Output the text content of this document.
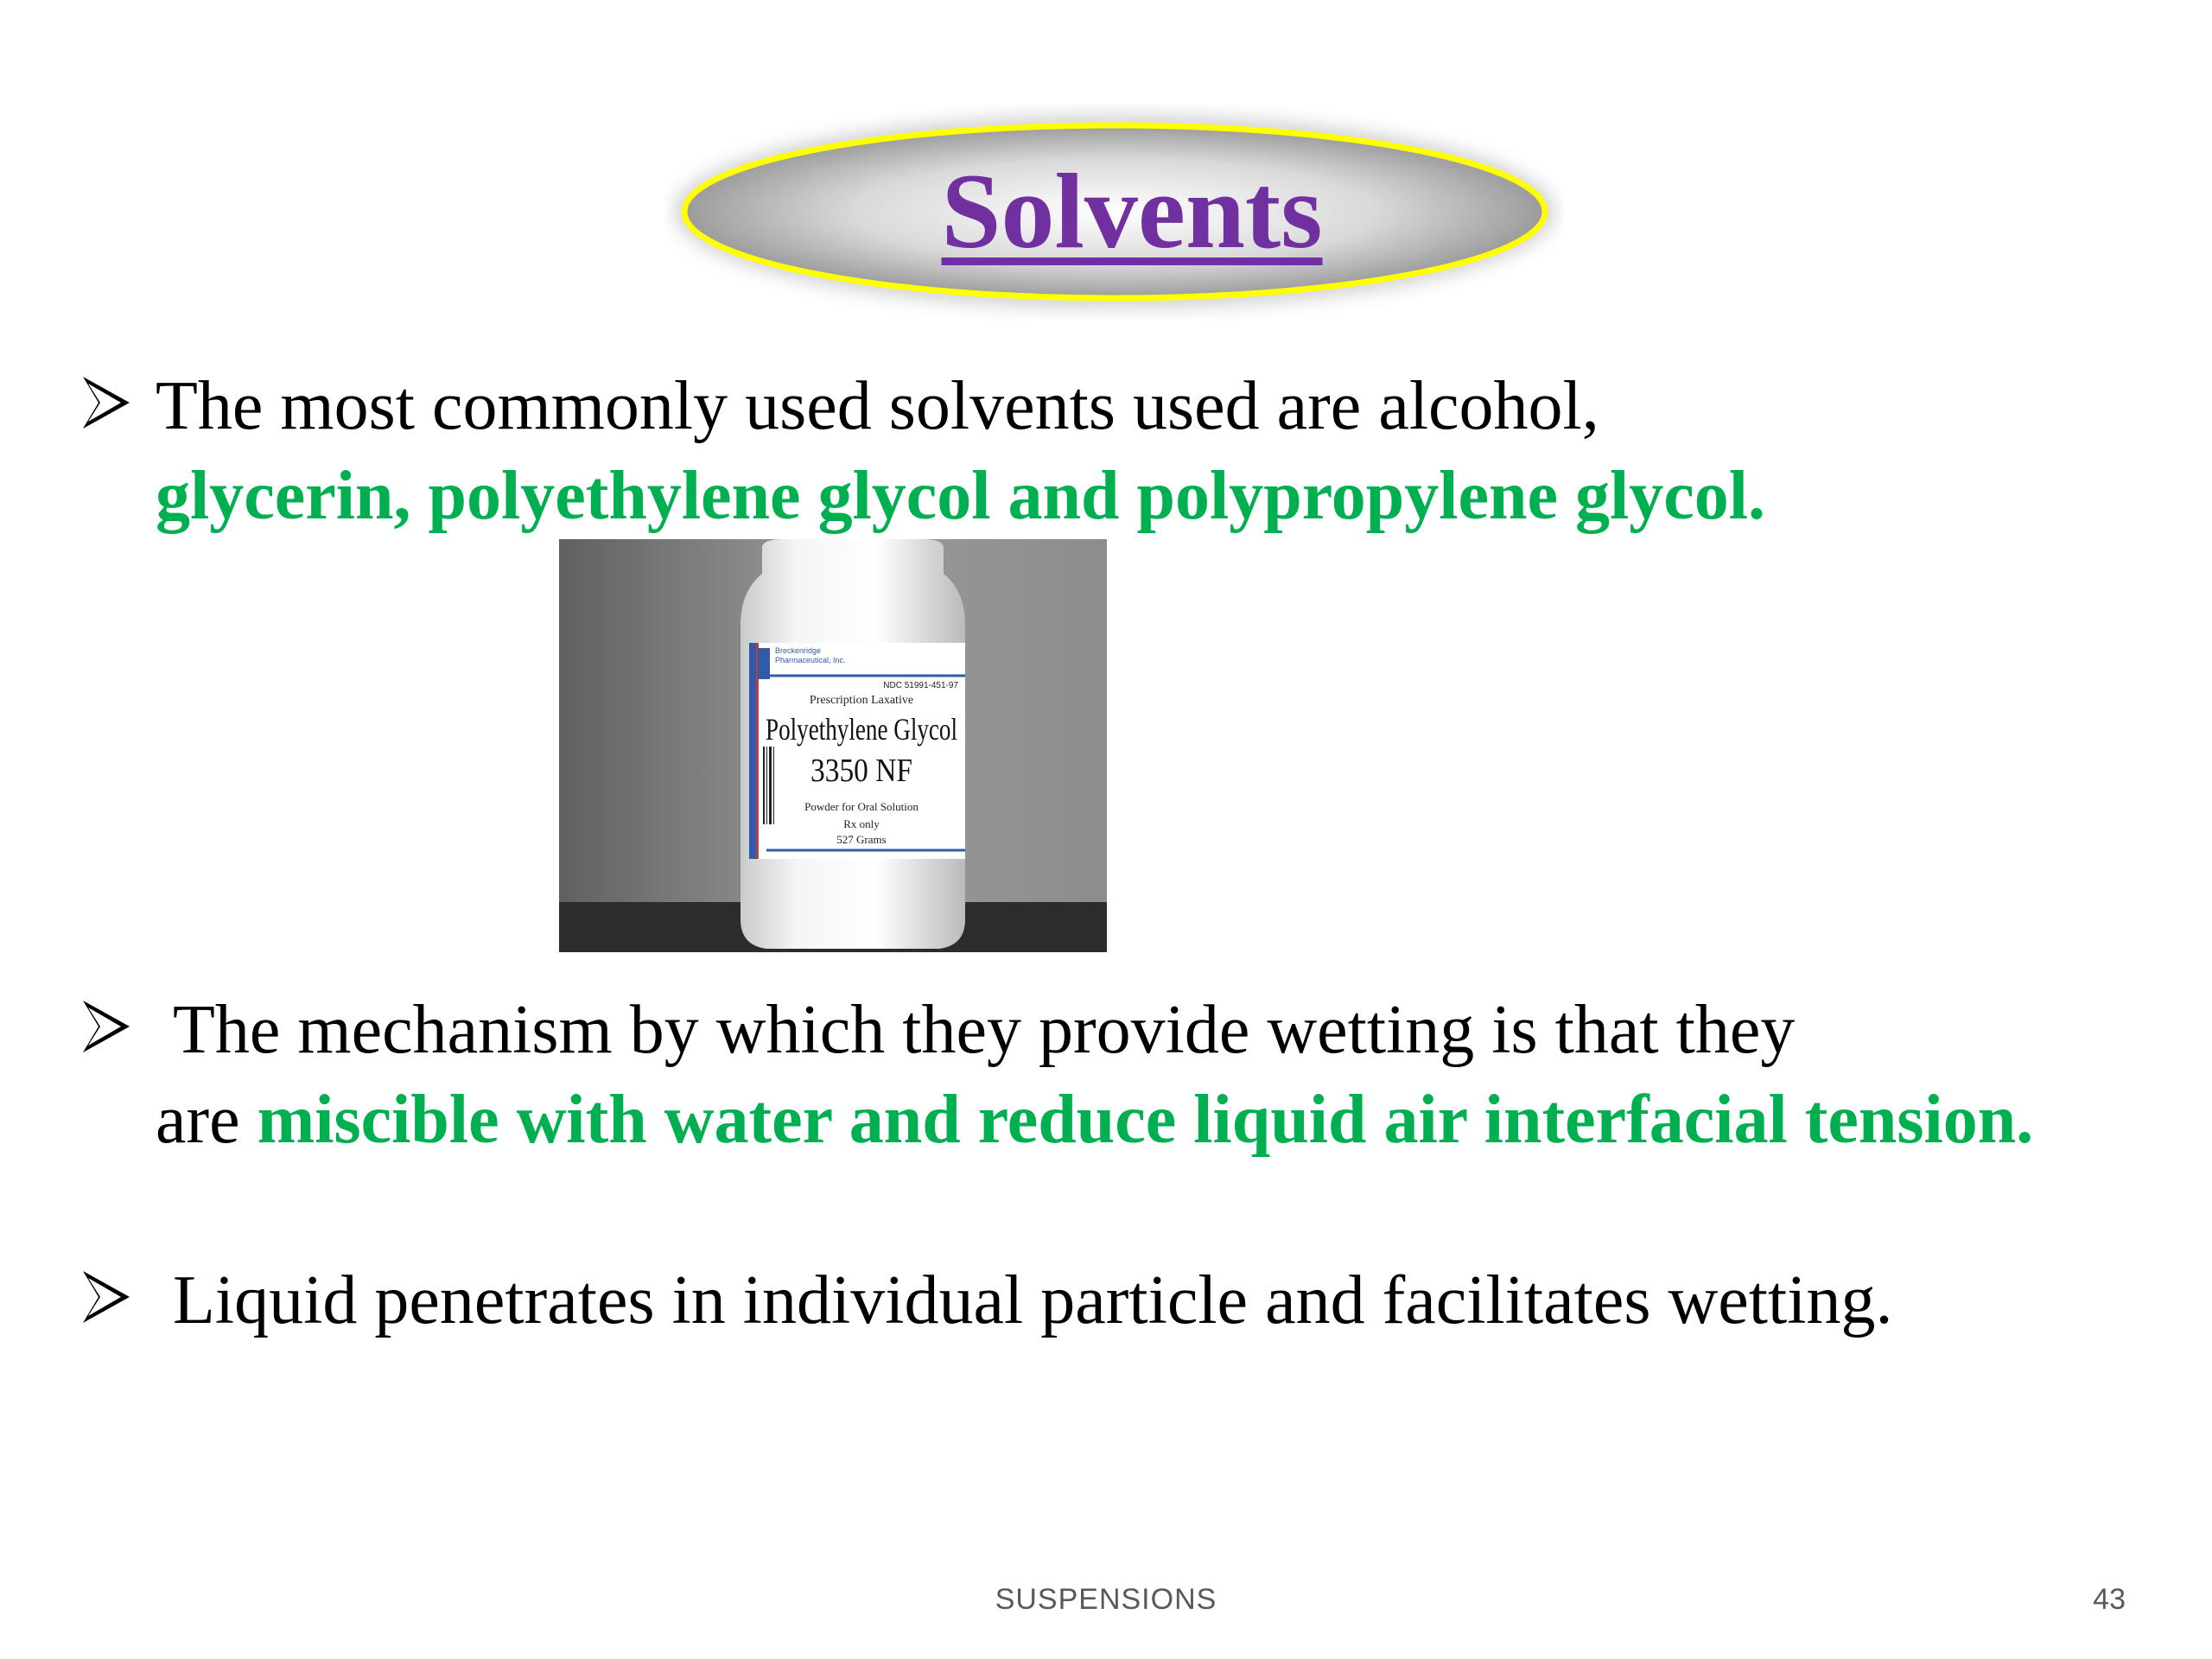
Solvents
The most commonly used solvents used are alcohol,
glycerin, polyethylene glycol and polypropylene glycol.
Breckenridge
Pharmaceutical, Inc.
NDC 51991-451-97
Prescription Laxative
Polyethylene Glycol
3350 NF
Powder for Oral Solution
Rx only
527 Grams
The mechanism by which they provide wetting is that they
are miscible with water and reduce liquid air interfacial tension.
Liquid penetrates in individual particle and facilitates wetting.
SUSPENSIONS	43
